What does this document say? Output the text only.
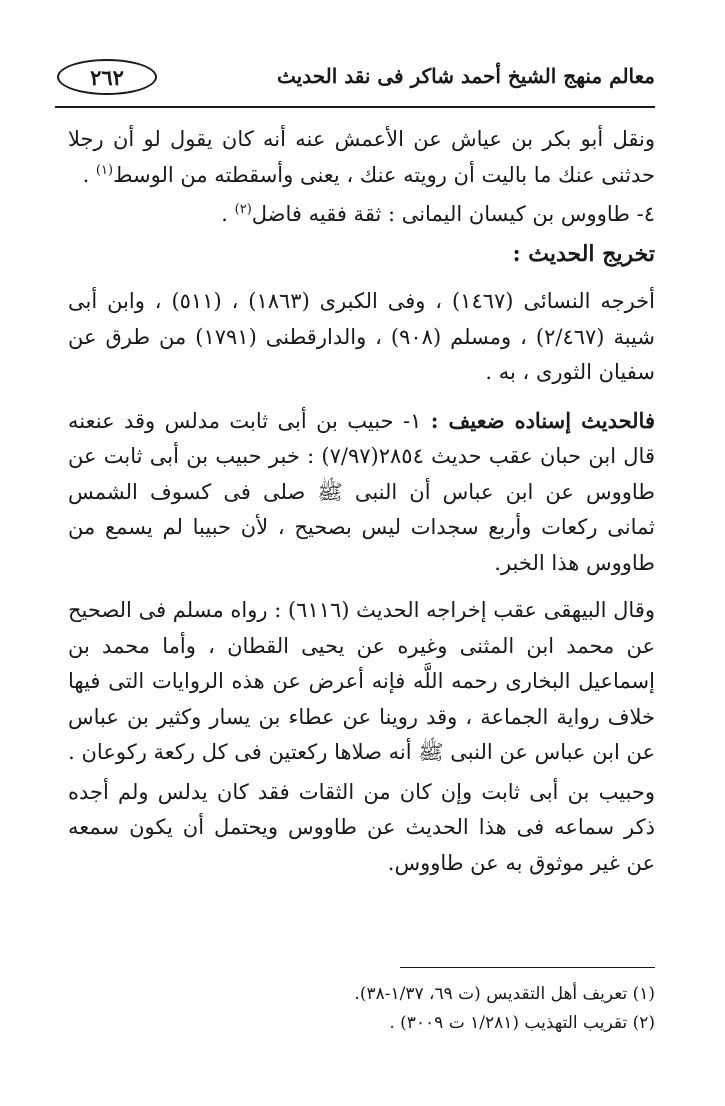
٢٦٢	معالم منهج الشيخ أحمد شاكر فى نقد الحديث

ونقل أبو بكر بن عياش عن الأعمش عنه أنه كان يقول لو أن رجلا حدثنى عنك ما باليت أن رويته عنك ، يعنى وأسقطته من الوسط$^{(١)}$ .

٤- طاووس بن كيسان اليمانى : ثقة فقيه فاضل$^{(٢)}$ .

تخريج الحديث :

أخرجه النسائى (١٤٦٧) ، وفى الكبرى (١٨٦٣) ، (٥١١) ، وابن أبى شيبة (٢/٤٦٧) ، ومسلم (٩٠٨) ، والدارقطنى (١٧٩١) من طرق عن سفيان الثورى ، به .

فالحديث إسناده ضعيف : ١- حبيب بن أبى ثابت مدلس وقد عنعنه قال ابن حبان عقب حديث ٢٨٥٤(٧/٩٧) : خبر حبيب بن أبى ثابت عن طاووس عن ابن عباس أن النبى ﷺ صلى فى كسوف الشمس ثمانى ركعات وأربع سجدات ليس بصحيح ، لأن حبيبا لم يسمع من طاووس هذا الخبر.

وقال البيهقى عقب إخراجه الحديث (٦١١٦) : رواه مسلم فى الصحيح عن محمد ابن المثنى وغيره عن يحيى القطان ، وأما محمد بن إسماعيل البخارى رحمه اللَّه فإنه أعرض عن هذه الروايات التى فيها خلاف رواية الجماعة ، وقد روينا عن عطاء بن يسار وكثير بن عباس عن ابن عباس عن النبى ﷺ أنه صلاها ركعتين فى كل ركعة ركوعان .

وحبيب بن أبى ثابت وإن كان من الثقات فقد كان يدلس ولم أجده ذكر سماعه فى هذا الحديث عن طاووس ويحتمل أن يكون سمعه عن غير موثوق به عن طاووس.

(١) تعريف أهل التقديس (ت ٦٩، ١/٣٧-٣٨).

(٢) تقريب التهذيب (١/٢٨١ ت ٣٠٠٩) .
